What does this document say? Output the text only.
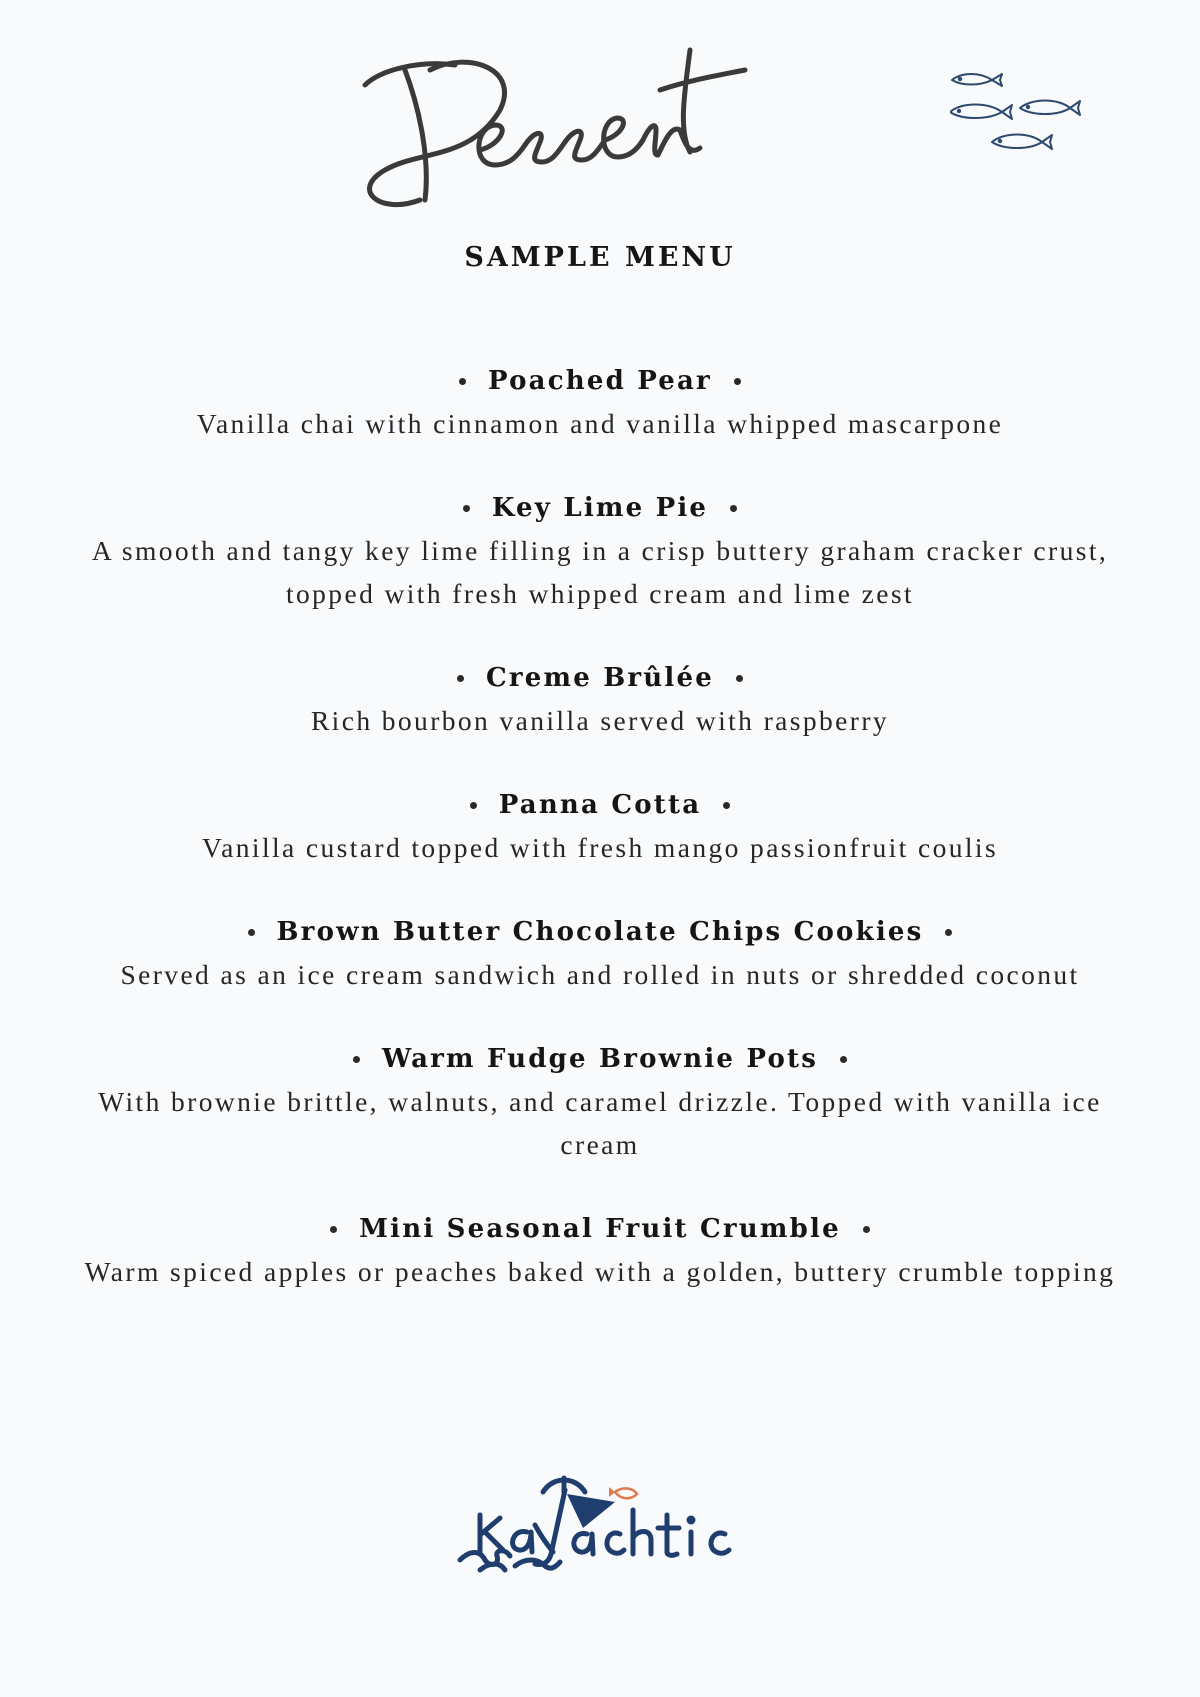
SAMPLE MENU
Poached Pear
Vanilla chai with cinnamon and vanilla whipped mascarpone
Key Lime Pie
A smooth and tangy key lime filling in a crisp buttery graham cracker crust, topped with fresh whipped cream and lime zest
Creme Brûlée
Rich bourbon vanilla served with raspberry
Panna Cotta
Vanilla custard topped with fresh mango passionfruit coulis
Brown Butter Chocolate Chips Cookies
Served as an ice cream sandwich and rolled in nuts or shredded coconut
Warm Fudge Brownie Pots
With brownie brittle, walnuts, and caramel drizzle. Topped with vanilla ice cream
Mini Seasonal Fruit Crumble
Warm spiced apples or peaches baked with a golden, buttery crumble topping
